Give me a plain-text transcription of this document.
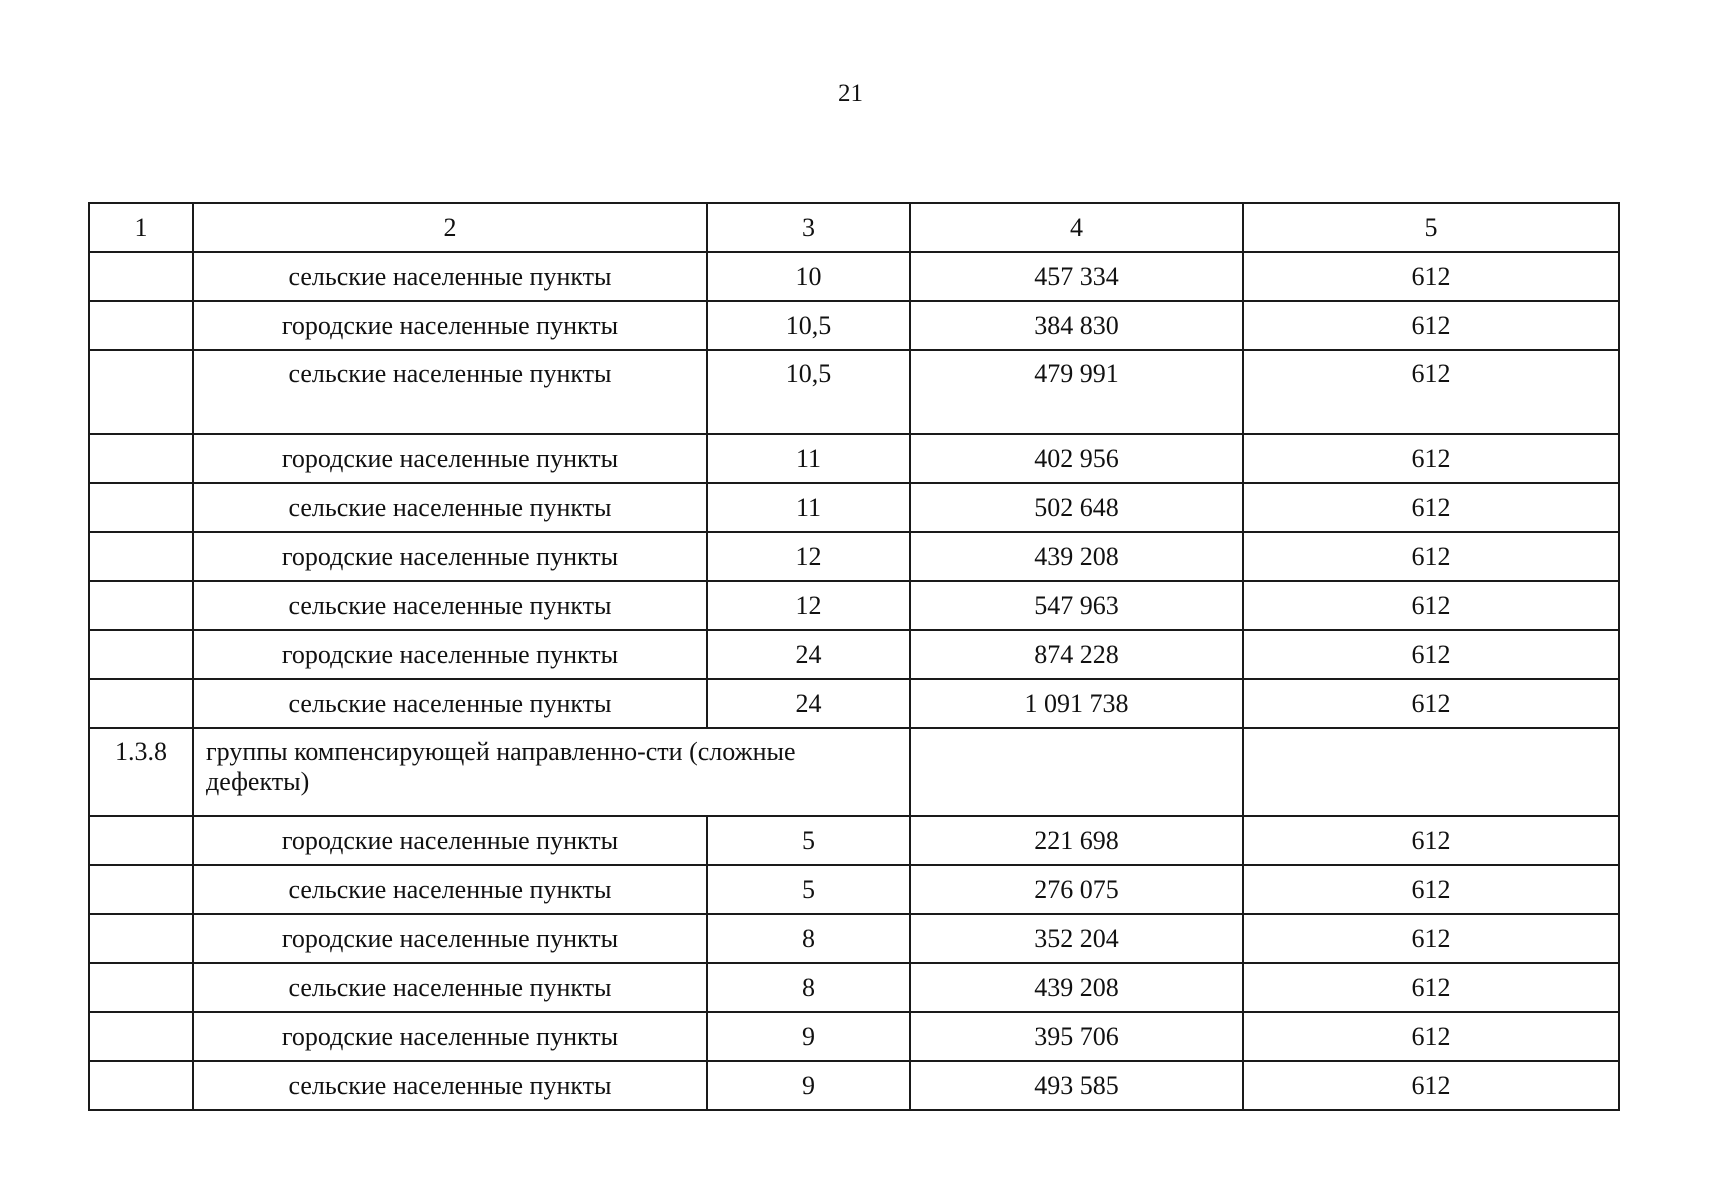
21
1	2	3	4	5
	сельские населенные пункты	10	457 334	612
	городские населенные пункты	10,5	384 830	612
	сельские населенные пункты	10,5	479 991	612
	городские населенные пункты	11	402 956	612
	сельские населенные пункты	11	502 648	612
	городские населенные пункты	12	439 208	612
	сельские населенные пункты	12	547 963	612
	городские населенные пункты	24	874 228	612
	сельские населенные пункты	24	1 091 738	612
1.3.8	группы компенсирующей направленно-сти (сложные дефекты)			
	городские населенные пункты	5	221 698	612
	сельские населенные пункты	5	276 075	612
	городские населенные пункты	8	352 204	612
	сельские населенные пункты	8	439 208	612
	городские населенные пункты	9	395 706	612
	сельские населенные пункты	9	493 585	612
